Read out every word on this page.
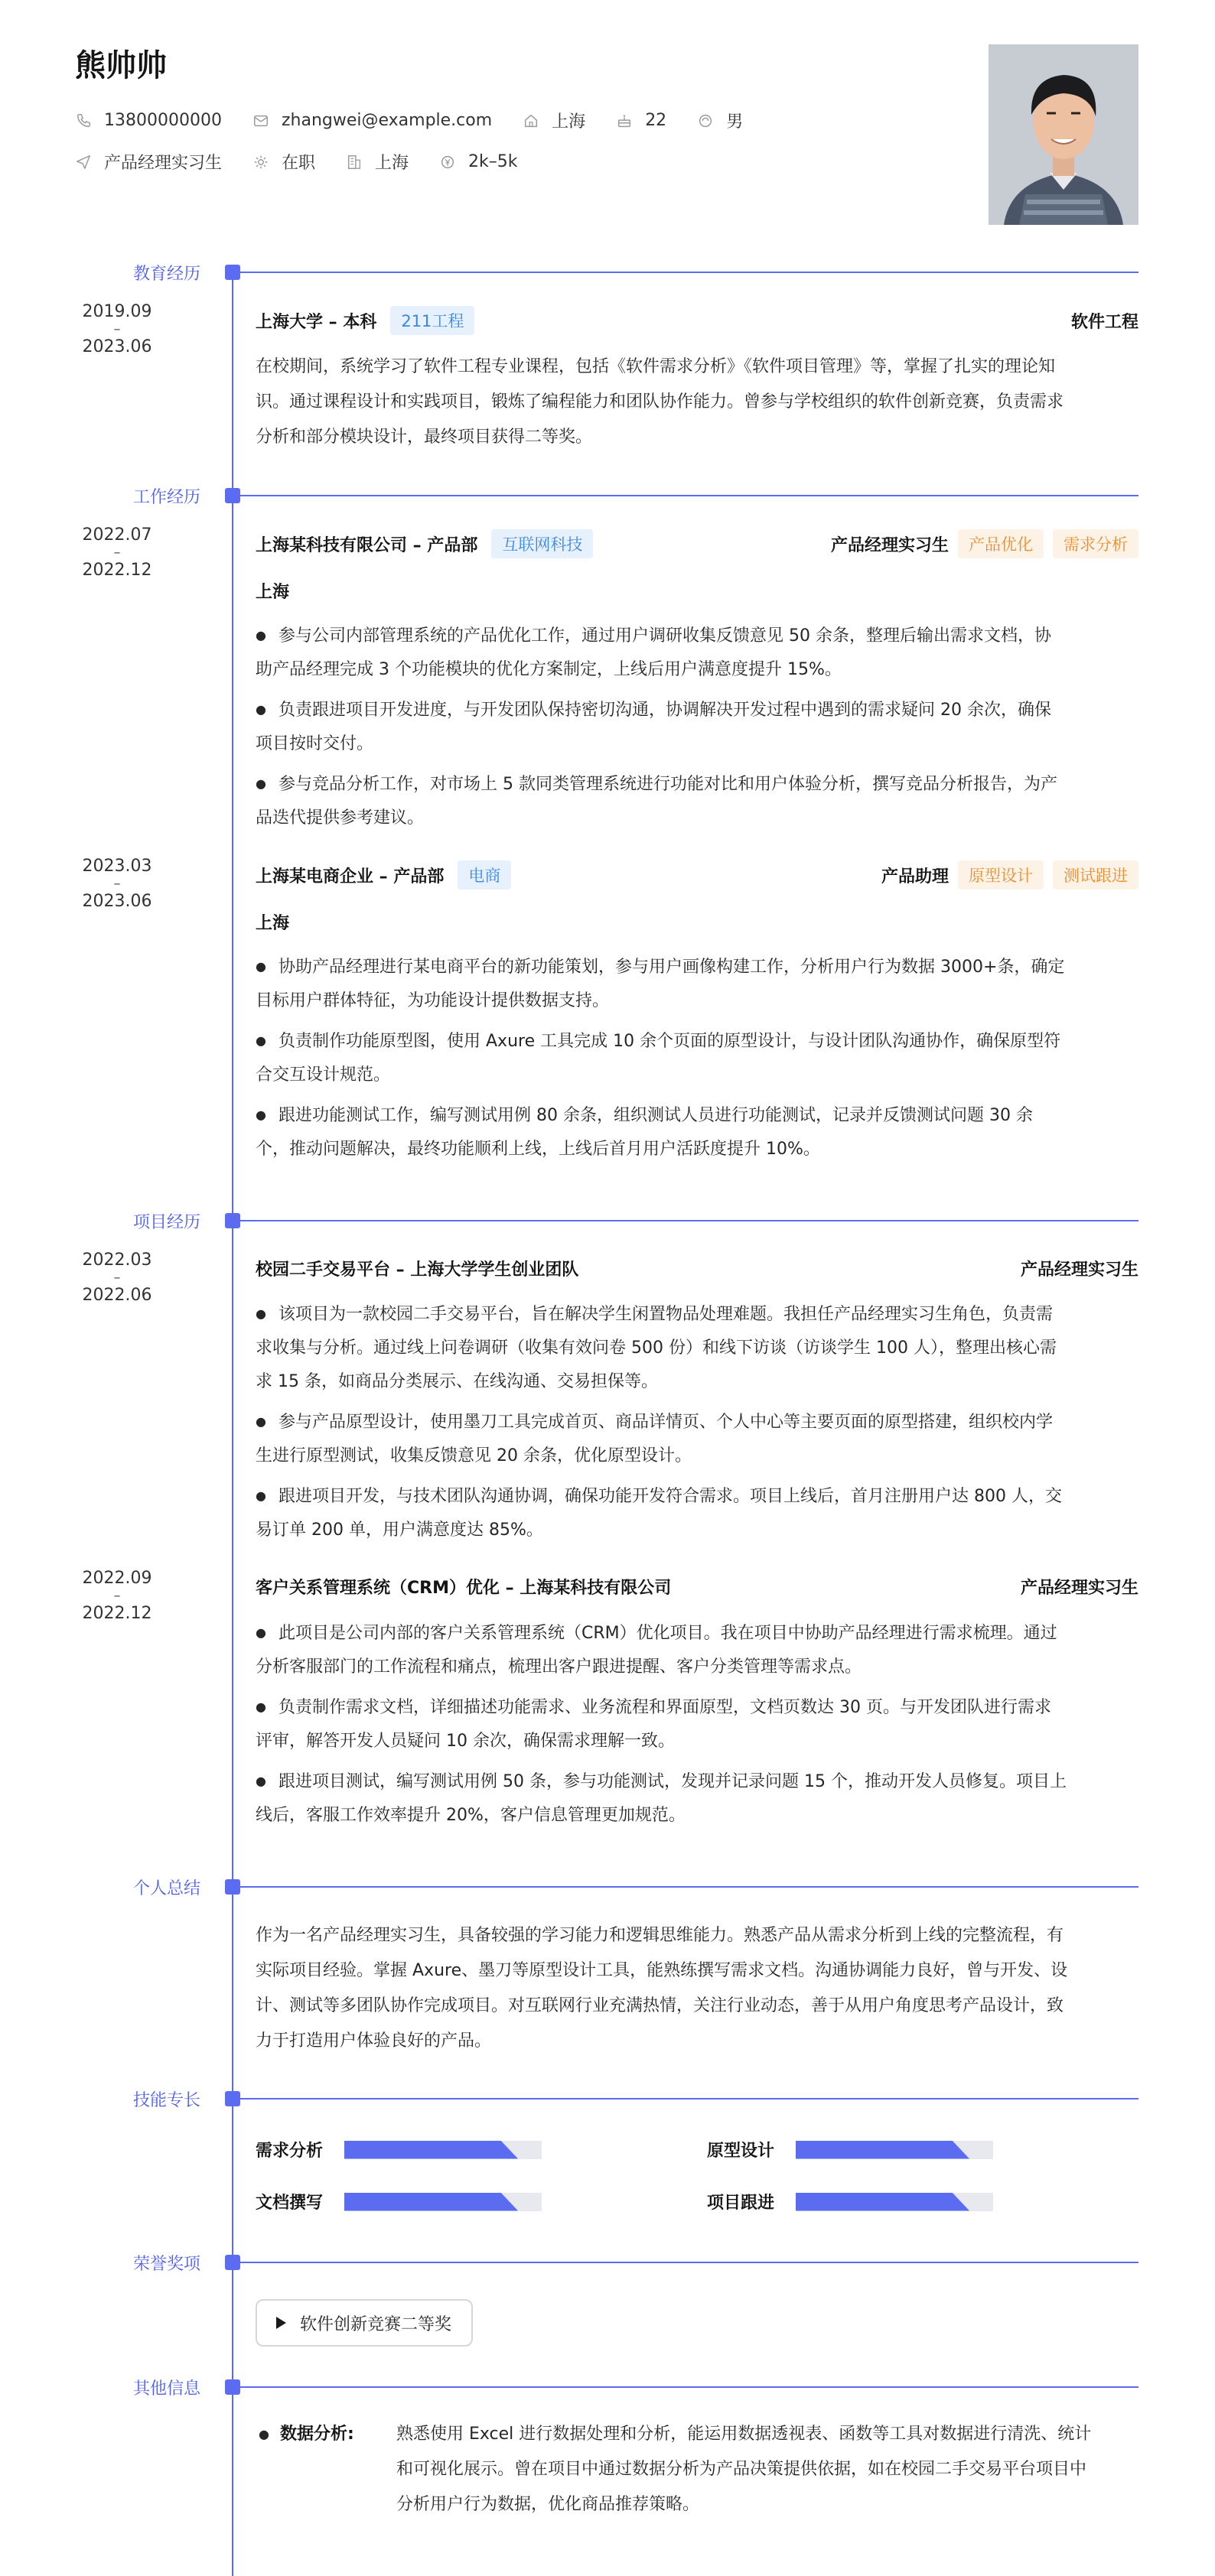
熊帅帅
13800000000	zhangwei@example.com	上海	22	男
产品经理实习生	在职	上海	2k–5k
教育经历
2019.09
–
2023.06
上海大学 – 本科	211工程	软件工程
在校期间，系统学习了软件工程专业课程，包括《软件需求分析》《软件项目管理》等，掌握了扎实的理论知
识。通过课程设计和实践项目，锻炼了编程能力和团队协作能力。曾参与学校组织的软件创新竞赛，负责需求
分析和部分模块设计，最终项目获得二等奖。
工作经历
2022.07
–
2022.12
上海某科技有限公司 – 产品部	互联网科技	产品经理实习生	产品优化	需求分析
上海
● 参与公司内部管理系统的产品优化工作，通过用户调研收集反馈意见 50 余条，整理后输出需求文档，协
助产品经理完成 3 个功能模块的优化方案制定，上线后用户满意度提升 15%。
● 负责跟进项目开发进度，与开发团队保持密切沟通，协调解决开发过程中遇到的需求疑问 20 余次，确保
项目按时交付。
● 参与竞品分析工作，对市场上 5 款同类管理系统进行功能对比和用户体验分析，撰写竞品分析报告，为产
品迭代提供参考建议。
2023.03
–
2023.06
上海某电商企业 – 产品部	电商	产品助理	原型设计	测试跟进
上海
● 协助产品经理进行某电商平台的新功能策划，参与用户画像构建工作，分析用户行为数据 3000+条，确定
目标用户群体特征，为功能设计提供数据支持。
● 负责制作功能原型图，使用 Axure 工具完成 10 余个页面的原型设计，与设计团队沟通协作，确保原型符
合交互设计规范。
● 跟进功能测试工作，编写测试用例 80 余条，组织测试人员进行功能测试，记录并反馈测试问题 30 余
个，推动问题解决，最终功能顺利上线，上线后首月用户活跃度提升 10%。
项目经历
2022.03
–
2022.06
校园二手交易平台 – 上海大学学生创业团队	产品经理实习生
● 该项目为一款校园二手交易平台，旨在解决学生闲置物品处理难题。我担任产品经理实习生角色，负责需
求收集与分析。通过线上问卷调研（收集有效问卷 500 份）和线下访谈（访谈学生 100 人），整理出核心需
求 15 条，如商品分类展示、在线沟通、交易担保等。
● 参与产品原型设计，使用墨刀工具完成首页、商品详情页、个人中心等主要页面的原型搭建，组织校内学
生进行原型测试，收集反馈意见 20 余条，优化原型设计。
● 跟进项目开发，与技术团队沟通协调，确保功能开发符合需求。项目上线后，首月注册用户达 800 人，交
易订单 200 单，用户满意度达 85%。
2022.09
–
2022.12
客户关系管理系统（CRM）优化 – 上海某科技有限公司	产品经理实习生
● 此项目是公司内部的客户关系管理系统（CRM）优化项目。我在项目中协助产品经理进行需求梳理。通过
分析客服部门的工作流程和痛点，梳理出客户跟进提醒、客户分类管理等需求点。
● 负责制作需求文档，详细描述功能需求、业务流程和界面原型，文档页数达 30 页。与开发团队进行需求
评审，解答开发人员疑问 10 余次，确保需求理解一致。
● 跟进项目测试，编写测试用例 50 条，参与功能测试，发现并记录问题 15 个，推动开发人员修复。项目上
线后，客服工作效率提升 20%，客户信息管理更加规范。
个人总结
作为一名产品经理实习生，具备较强的学习能力和逻辑思维能力。熟悉产品从需求分析到上线的完整流程，有
实际项目经验。掌握 Axure、墨刀等原型设计工具，能熟练撰写需求文档。沟通协调能力良好，曾与开发、设
计、测试等多团队协作完成项目。对互联网行业充满热情，关注行业动态，善于从用户角度思考产品设计，致
力于打造用户体验良好的产品。
技能专长
需求分析	原型设计
文档撰写	项目跟进
荣誉奖项
软件创新竞赛二等奖
其他信息
● 数据分析:	熟悉使用 Excel 进行数据处理和分析，能运用数据透视表、函数等工具对数据进行清洗、统计
和可视化展示。曾在项目中通过数据分析为产品决策提供依据，如在校园二手交易平台项目中
分析用户行为数据，优化商品推荐策略。
